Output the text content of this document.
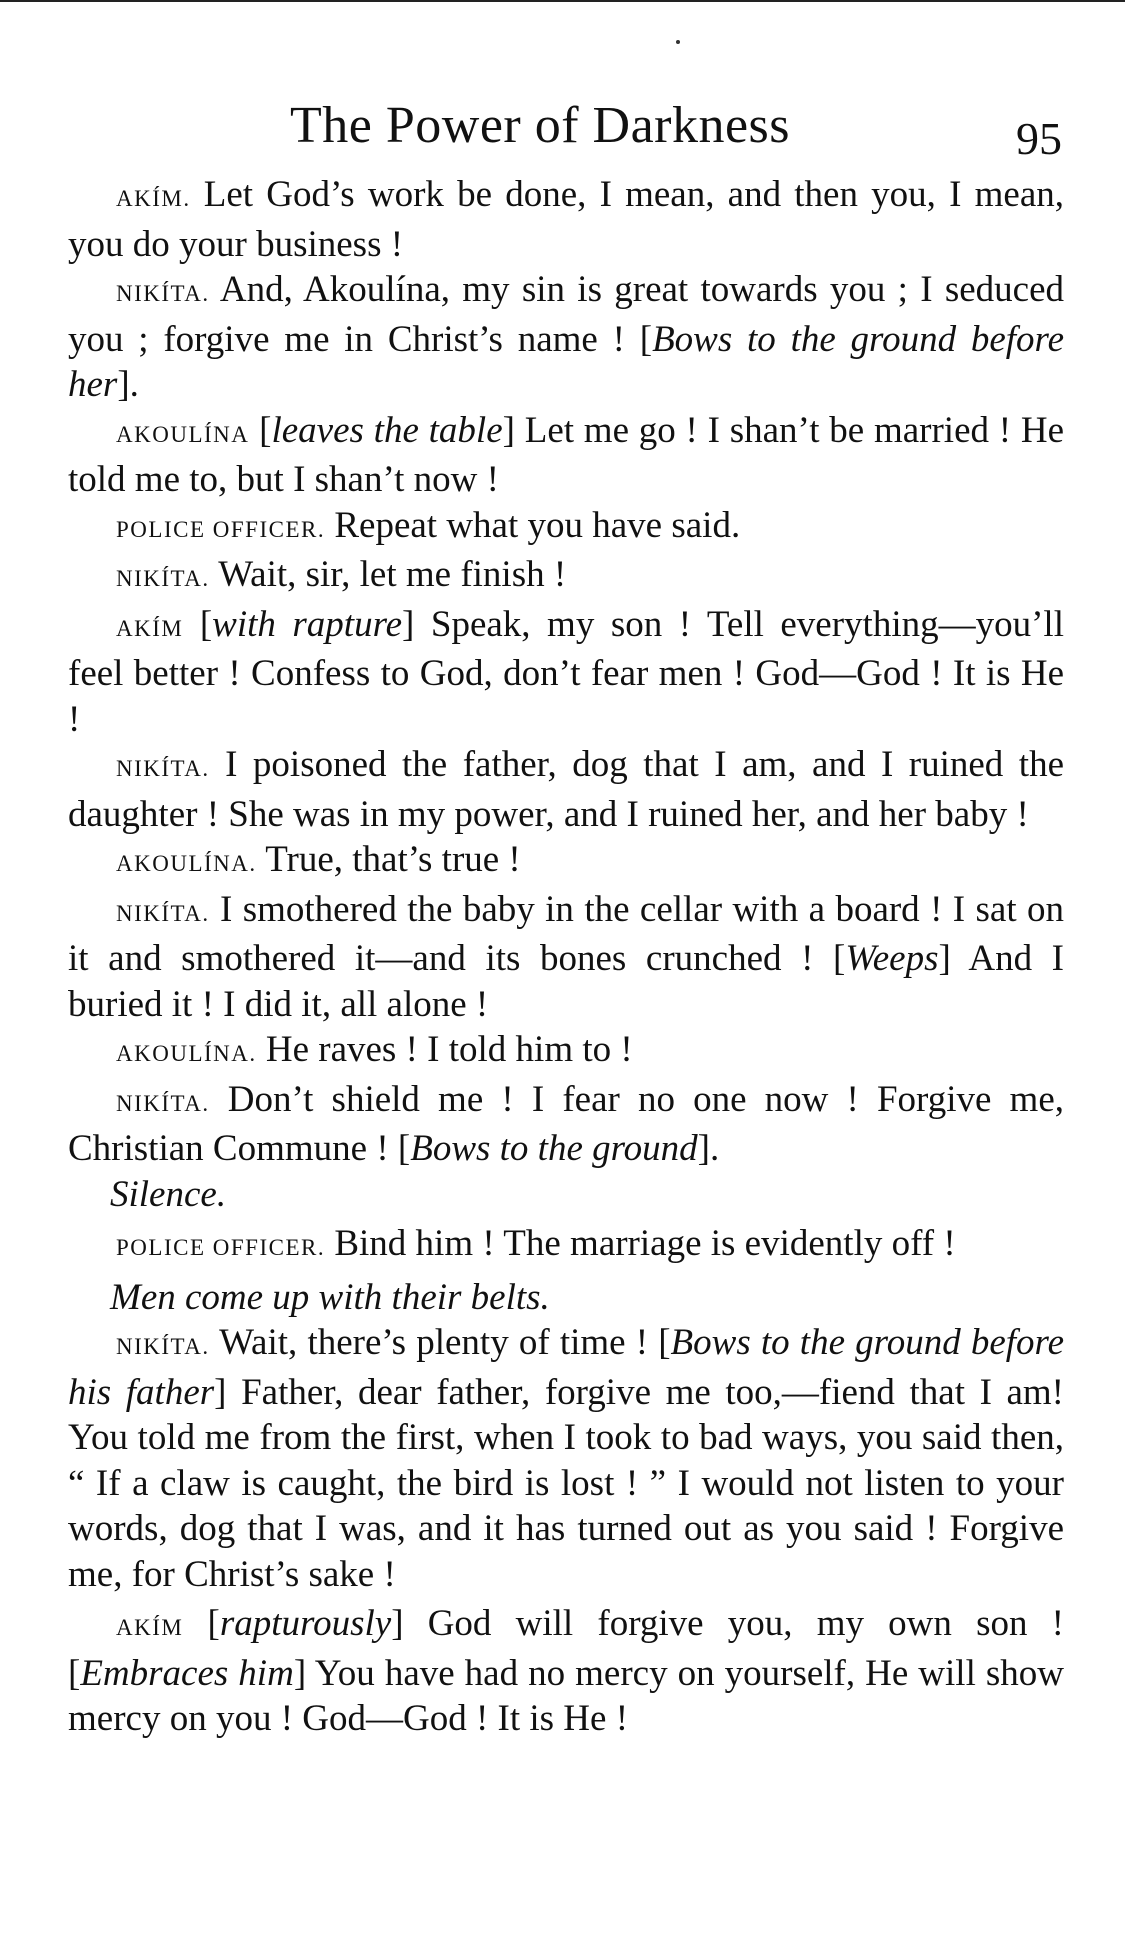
The Power of Darkness	95

AKÍM. Let God’s work be done, I mean, and then you, I mean, you do your business !

NIKÍTA. And, Akoulína, my sin is great towards you ; I seduced you ; forgive me in Christ’s name ! [Bows to the ground before her].

AKOULÍNA [leaves the table] Let me go ! I shan’t be married ! He told me to, but I shan’t now !

POLICE OFFICER. Repeat what you have said.

NIKÍTA. Wait, sir, let me finish !

AKÍM [with rapture] Speak, my son ! Tell everything—you’ll feel better ! Confess to God, don’t fear men ! God—God ! It is He !

NIKÍTA. I poisoned the father, dog that I am, and I ruined the daughter ! She was in my power, and I ruined her, and her baby !

AKOULÍNA. True, that’s true !

NIKÍTA. I smothered the baby in the cellar with a board ! I sat on it and smothered it—and its bones crunched ! [Weeps] And I buried it ! I did it, all alone !

AKOULÍNA. He raves ! I told him to !

NIKÍTA. Don’t shield me ! I fear no one now ! Forgive me, Christian Commune ! [Bows to the ground].

Silence.

POLICE OFFICER. Bind him ! The marriage is evidently off !

Men come up with their belts.

NIKÍTA. Wait, there’s plenty of time ! [Bows to the ground before his father] Father, dear father, forgive me too,—fiend that I am! You told me from the first, when I took to bad ways, you said then, “ If a claw is caught, the bird is lost ! ” I would not listen to your words, dog that I was, and it has turned out as you said ! Forgive me, for Christ’s sake !

AKÍM [rapturously] God will forgive you, my own son ! [Embraces him] You have had no mercy on yourself, He will show mercy on you ! God—God ! It is He !
